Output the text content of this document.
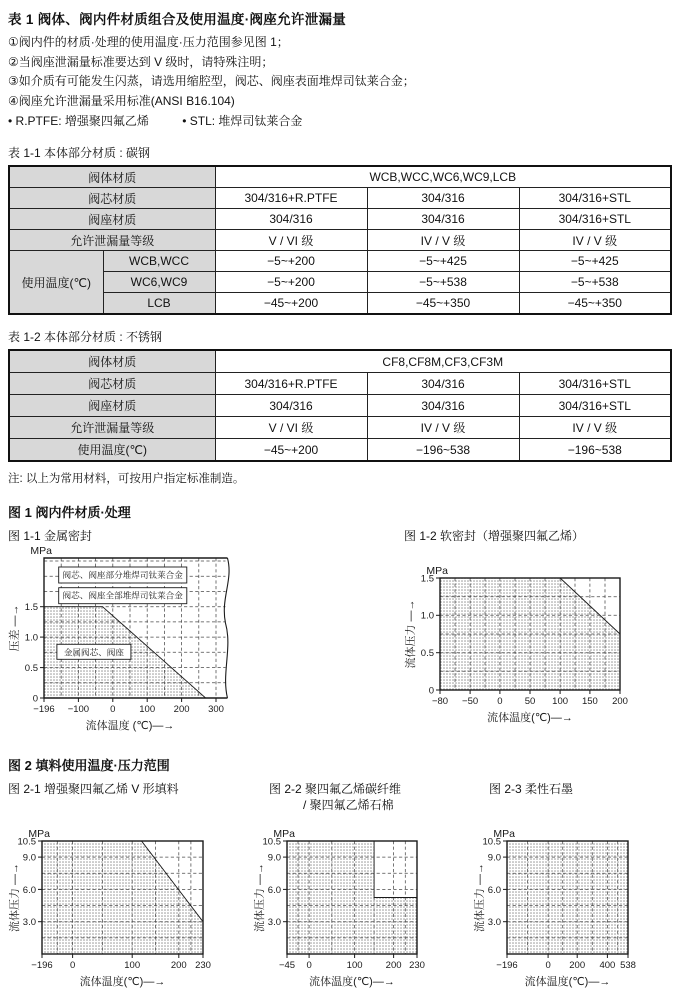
表 1 阀体、阀内件材质组合及使用温度·阀座允许泄漏量
①阀内件的材质·处理的使用温度·压力范围参见图 1；
②当阀座泄漏量标准要达到 V 级时，请特殊注明；
③如介质有可能发生闪蒸，请选用缩腔型，阀芯、阀座表面堆焊司钛莱合金；
④阀座允许泄漏量采用标准(ANSI B16.104)
• R.PTFE: 增强聚四氟乙烯	• STL: 堆焊司钛莱合金
表 1-1 本体部分材质 : 碳钢
阀体材质		WCB,WCC,WC6,WC9,LCB		
阀芯材质		304/316+R.PTFE	304/316	304/316+STL
阀座材质		304/316	304/316	304/316+STL
允许泄漏量等级		V / VI 级	IV / V 级	IV / V 级
使用温度(℃)	WCB,WCC	−5~+200	−5~+425	−5~+425
	WC6,WC9	−5~+200	−5~+538	−5~+538
	LCB	−45~+200	−45~+350	−45~+350
表 1-2 本体部分材质 : 不锈钢
阀体材质	CF8,CF8M,CF3,CF3M		
阀芯材质	304/316+R.PTFE	304/316	304/316+STL
阀座材质	304/316	304/316	304/316+STL
允许泄漏量等级	V / VI 级	IV / V 级	IV / V 级
使用温度(℃)	−45~+200	−196~538	−196~538
注: 以上为常用材料，可按用户指定标准制造。
图 1 阀内件材质·处理
图 1-1 金属密封
阀芯、阀座部分堆焊司钛莱合金
阀芯、阀座全部堆焊司钛莱合金
金属阀芯、阀座
−196 −100 0	100 200 300
0
0.5
1.0
1.5
MPa
压差 —→
流体温度 (℃)—→
图 1-2 软密封（增强聚四氟乙烯）
−80 −50 0 50 100 150 200
0
0.5
1.0
1.5
MPa
流体压力 —→
流体温度(℃)—→
图 2 填料使用温度·压力范围
图 2-1 增强聚四氟乙烯 V 形填料
−196 0	100	200 230
3.0
6.0
9.0
10.5
MPa
流体压力 —→
流体温度(℃)—→
图 2-2 聚四氟乙烯碳纤维
/ 聚四氟乙烯石棉
−45 0	100 200 230
3.0
6.0
9.0
10.5
MPa
流体压力 —→
流体温度(℃)—→
图 2-3 柔性石墨
−196	0 200 400 538
3.0
6.0
9.0
10.5
MPa
流体压力 —→
流体温度(℃)—→
